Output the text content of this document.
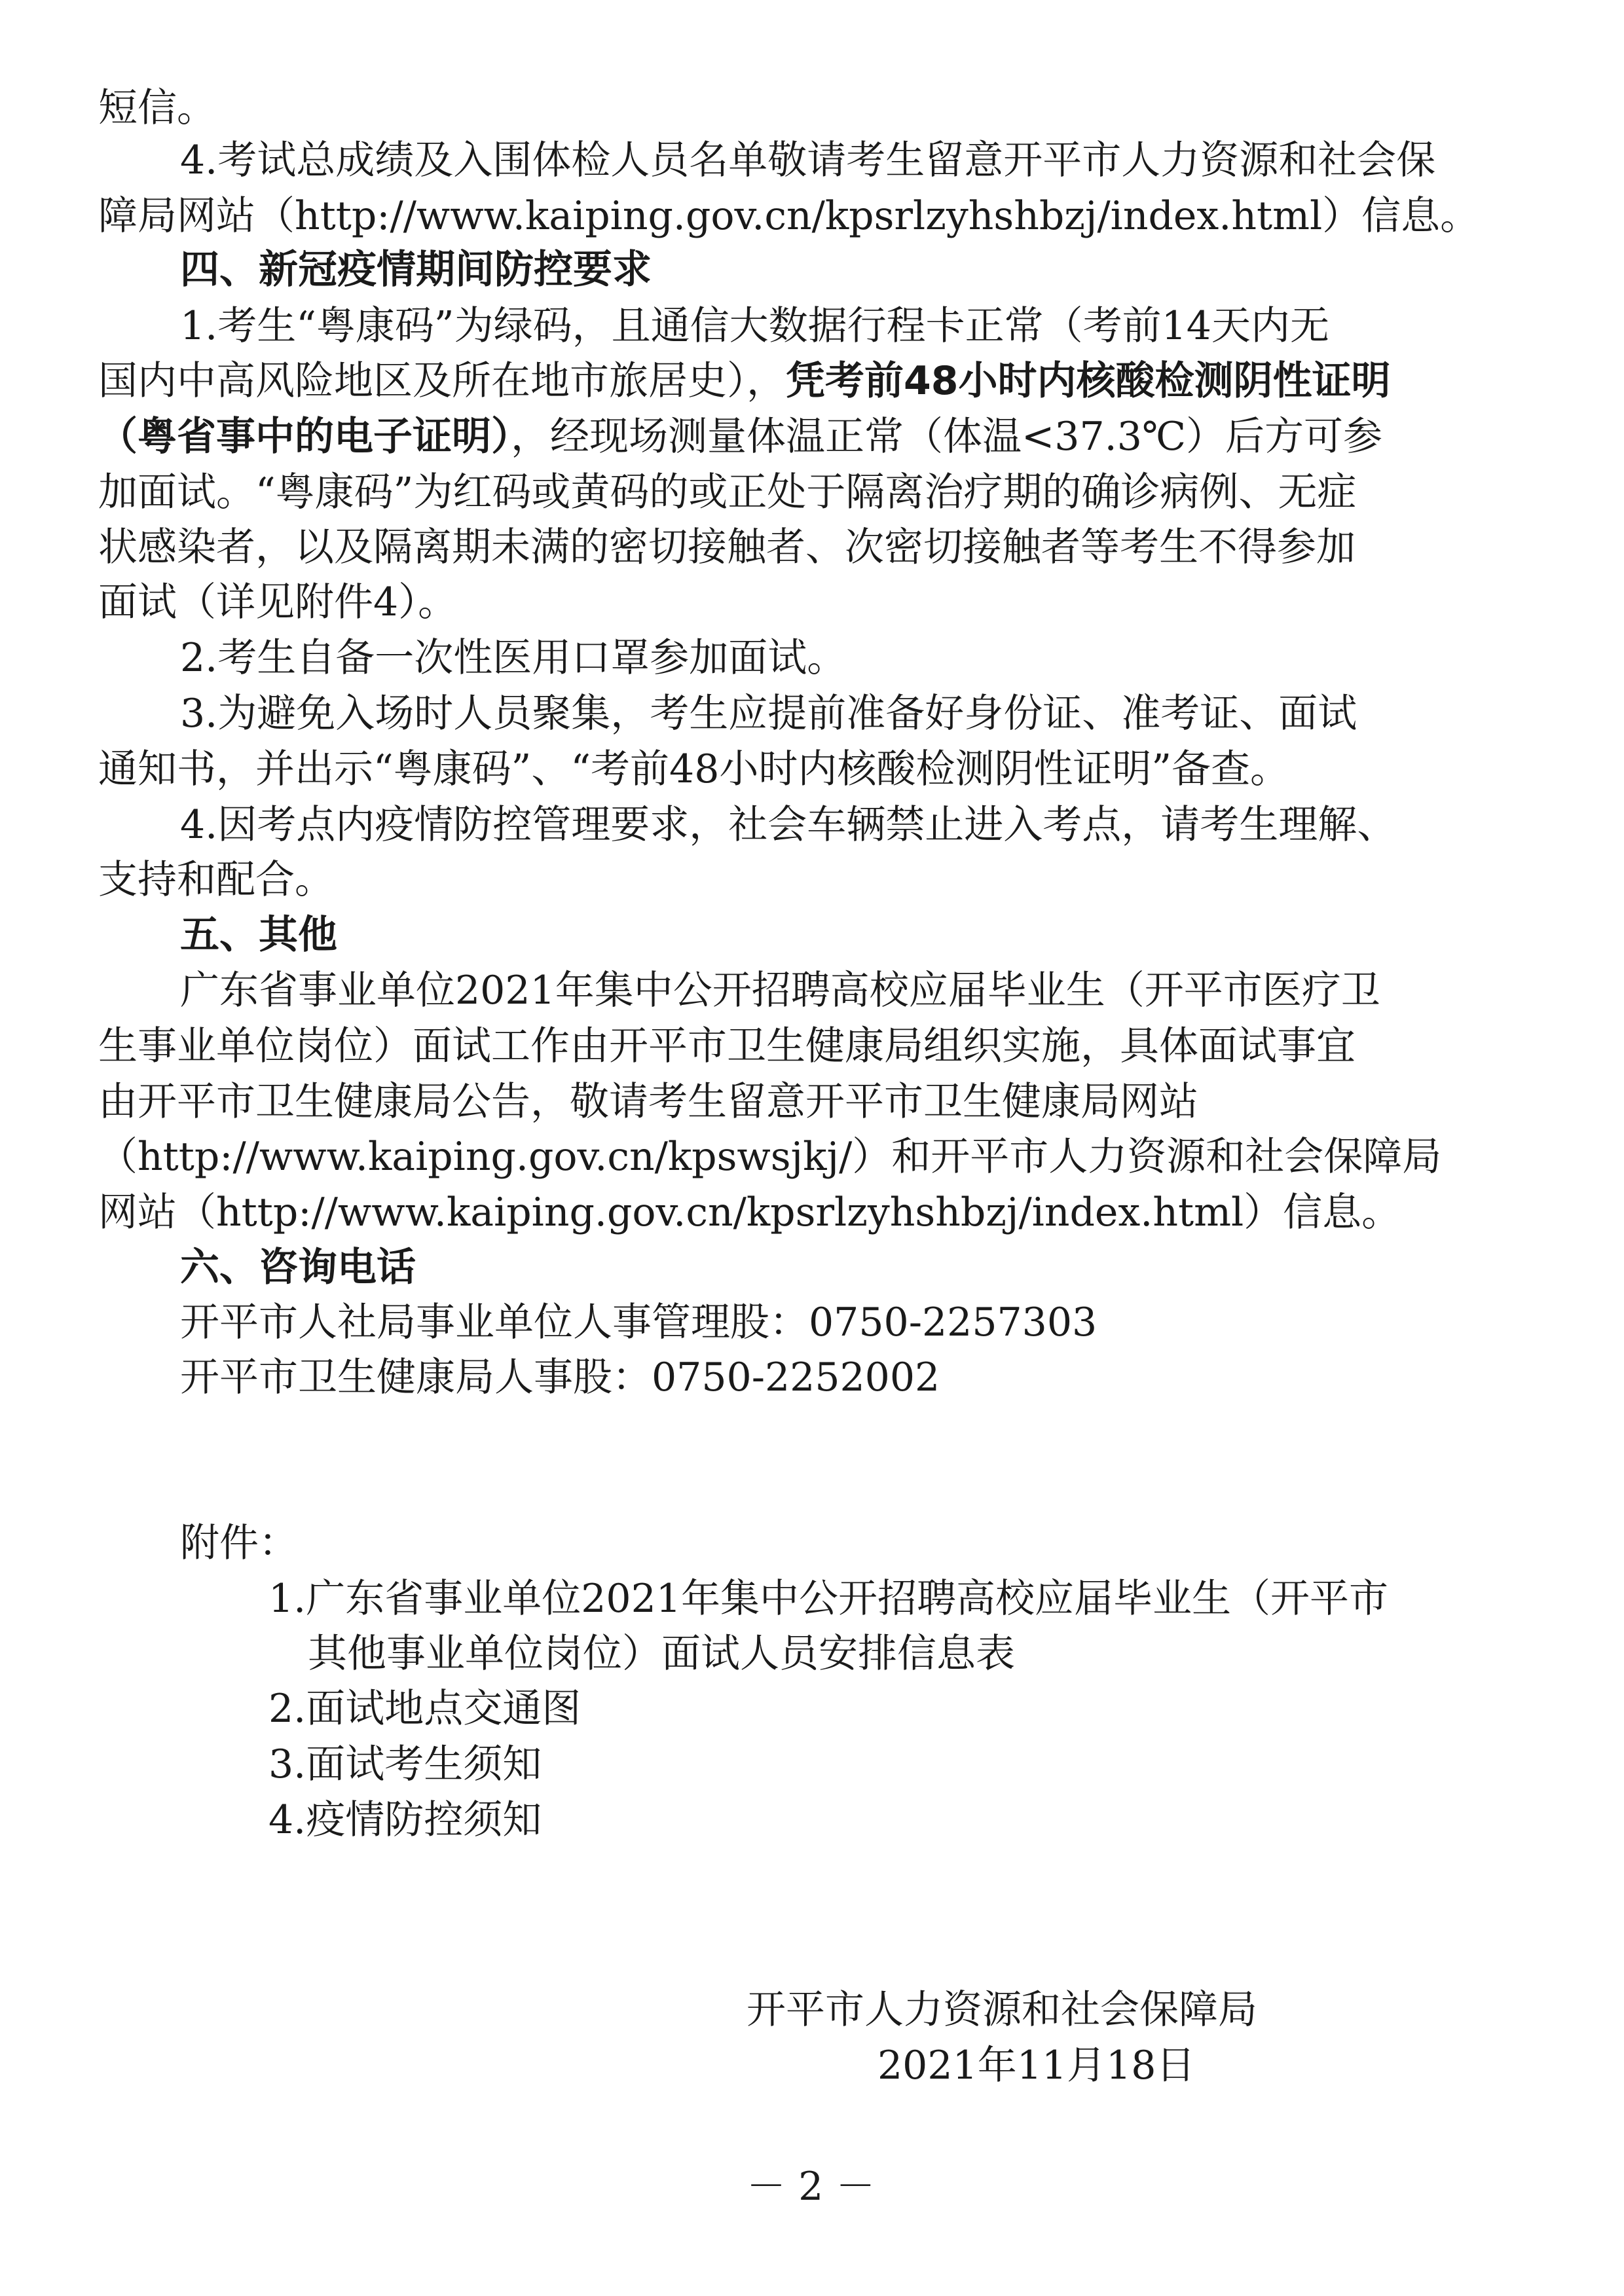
短信。
4.考试总成绩及入围体检人员名单敬请考生留意开平市人力资源和社会保
障局网站（http://www.kaiping.gov.cn/kpsrlzyhshbzj/index.html）信息。
四、新冠疫情期间防控要求
1.考生“粤康码”为绿码，且通信大数据行程卡正常（考前14天内无
国内中高风险地区及所在地市旅居史），凭考前48小时内核酸检测阴性证明
（粤省事中的电子证明），经现场测量体温正常（体温<37.3℃）后方可参
加面试。“粤康码”为红码或黄码的或正处于隔离治疗期的确诊病例、无症
状感染者，以及隔离期未满的密切接触者、次密切接触者等考生不得参加
面试（详见附件4）。
2.考生自备一次性医用口罩参加面试。
3.为避免入场时人员聚集，考生应提前准备好身份证、准考证、面试
通知书，并出示“粤康码”、“考前48小时内核酸检测阴性证明”备查。
4.因考点内疫情防控管理要求，社会车辆禁止进入考点，请考生理解、
支持和配合。
五、其他
广东省事业单位2021年集中公开招聘高校应届毕业生（开平市医疗卫
生事业单位岗位）面试工作由开平市卫生健康局组织实施，具体面试事宜
由开平市卫生健康局公告，敬请考生留意开平市卫生健康局网站
（http://www.kaiping.gov.cn/kpswsjkj/）和开平市人力资源和社会保障局
网站（http://www.kaiping.gov.cn/kpsrlzyhshbzj/index.html）信息。
六、咨询电话
开平市人社局事业单位人事管理股：0750-2257303
开平市卫生健康局人事股：0750-2252002
附件：
1.广东省事业单位2021年集中公开招聘高校应届毕业生（开平市
其他事业单位岗位）面试人员安排信息表
2.面试地点交通图
3.面试考生须知
4.疫情防控须知
开平市人力资源和社会保障局
2021年11月18日
－ 2 －
